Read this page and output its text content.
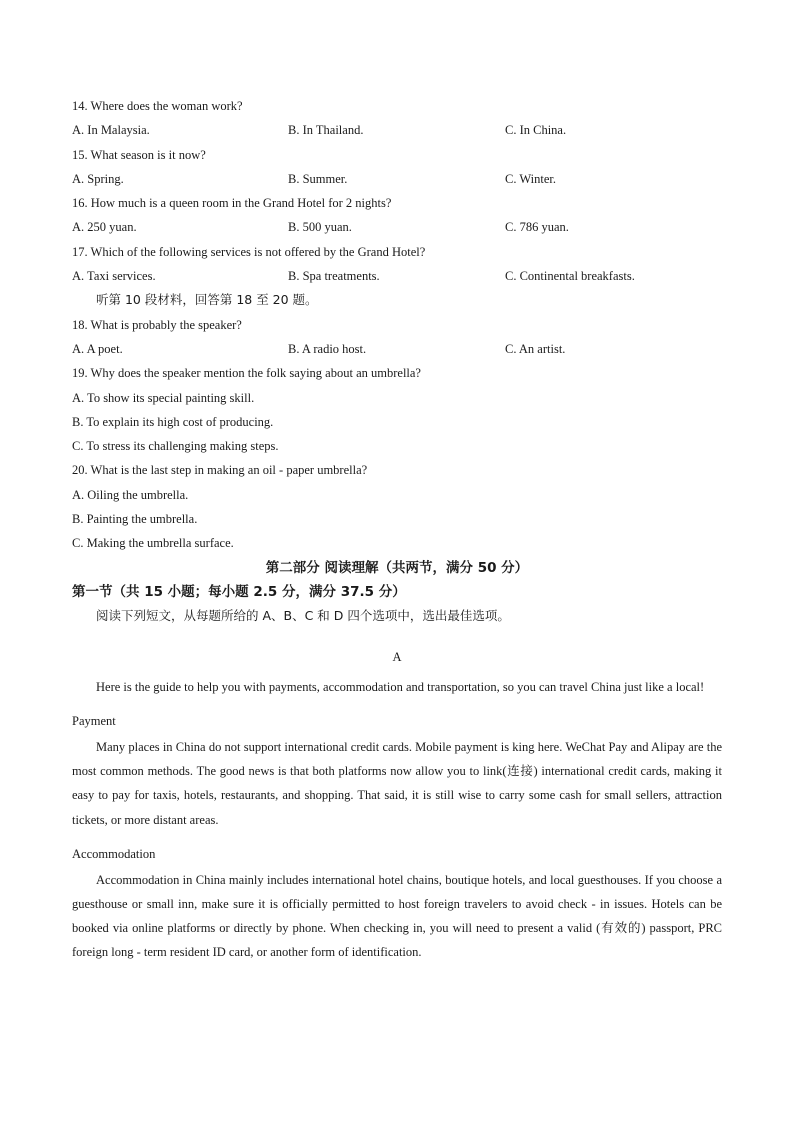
14. Where does the woman work?
A. In Malaysia.	B. In Thailand.	C. In China.
15. What season is it now?
A. Spring.	B. Summer.	C. Winter.
16. How much is a queen room in the Grand Hotel for 2 nights?
A. 250 yuan.	B. 500 yuan.	C. 786 yuan.
17. Which of the following services is not offered by the Grand Hotel?
A. Taxi services.	B. Spa treatments.	C. Continental breakfasts.
听第 10 段材料，回答第 18 至 20 题。
18. What is probably the speaker?
A. A poet.	B. A radio host.	C. An artist.
19. Why does the speaker mention the folk saying about an umbrella?
A. To show its special painting skill.
B. To explain its high cost of producing.
C. To stress its challenging making steps.
20. What is the last step in making an oil - paper umbrella?
A. Oiling the umbrella.
B. Painting the umbrella.
C. Making the umbrella surface.
第二部分 阅读理解（共两节，满分 50 分）
第一节（共 15 小题；每小题 2.5 分，满分 37.5 分）
阅读下列短文，从每题所给的 A、B、C 和 D 四个选项中，选出最佳选项。
A

Here is the guide to help you with payments, accommodation and transportation, so you can travel China just like a local!

Payment

Many places in China do not support international credit cards. Mobile payment is king here. WeChat Pay and Alipay are the most common methods. The good news is that both platforms now allow you to link(连接) international credit cards, making it easy to pay for taxis, hotels, restaurants, and shopping. That said, it is still wise to carry some cash for small sellers, attraction tickets, or more distant areas.

Accommodation

Accommodation in China mainly includes international hotel chains, boutique hotels, and local guesthouses. If you choose a guesthouse or small inn, make sure it is officially permitted to host foreign travelers to avoid check - in issues. Hotels can be booked via online platforms or directly by phone. When checking in, you will need to present a valid (有效的) passport, PRC foreign long - term resident ID card, or another form of identification.
